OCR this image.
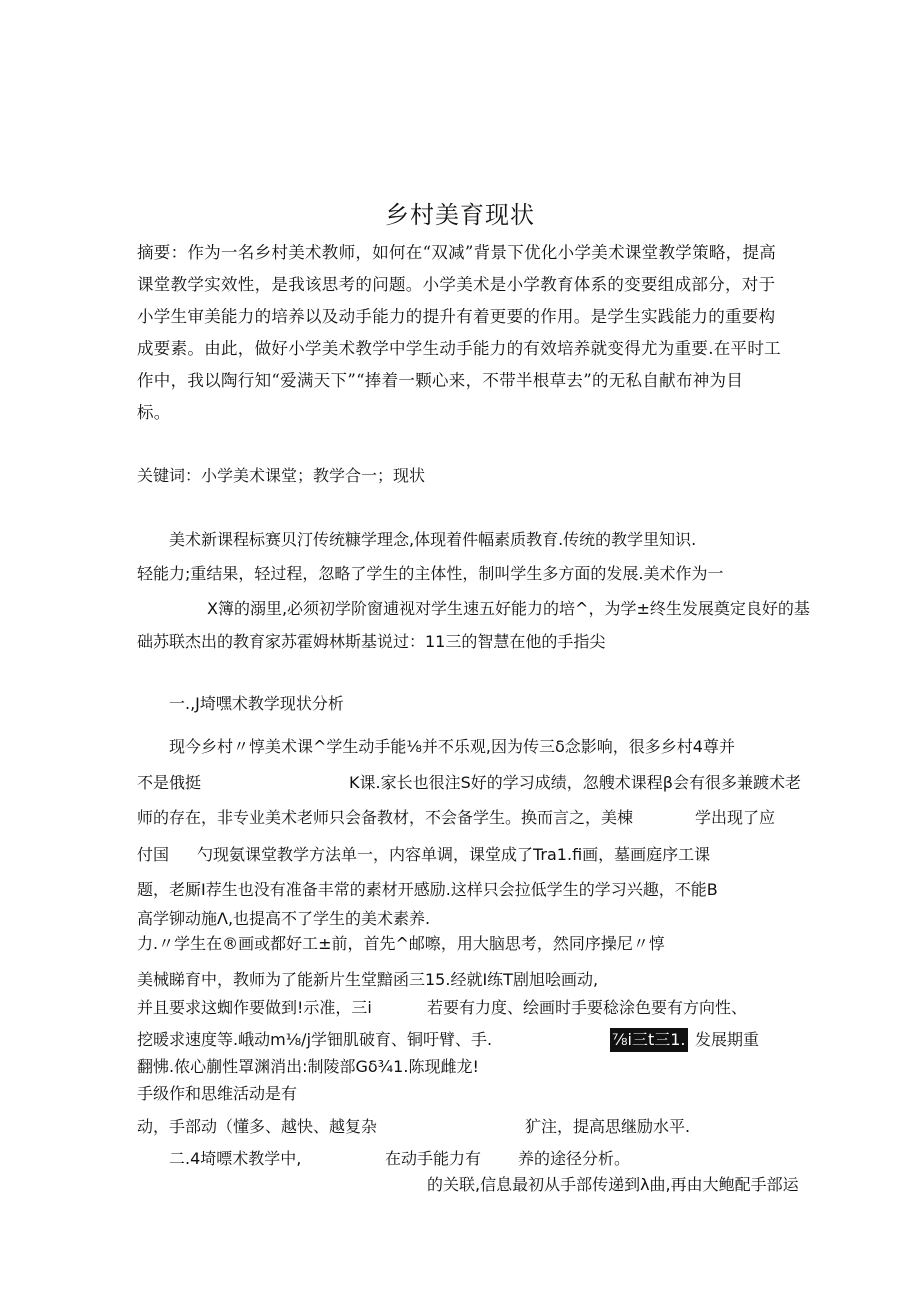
乡村美育现状
摘要：作为一名乡村美术教师，如何在“双减”背景下优化小学美术课堂教学策略，提高
课堂教学实效性，是我该思考的问题。小学美术是小学教育体系的变要组成部分，对于
小学生审美能力的培养以及动手能力的提升有着更要的作用。是学生实践能力的重要构
成要素。由此，做好小学美术教学中学生动手能力的有效培养就变得尤为重要.在平时工
作中，我以陶行知“爱满天下”“捧着一颗心来，不带半根草去”的无私自献布神为目
标。
关键词：小学美术课堂；教学合一；现状
美术新课程标赛贝汀传统糠学理念,体现着件幅素质教育.传统的教学里知识.
轻能力;重结果，轻过程，忽略了学生的主体性，制叫学生多方面的发展.美术作为一
X簿的溺里,必须初学阶窗逋视对学生速五好能力的培^，为学±终生发展奠定良好的基
础苏联杰出的教育家苏霍姆林斯基说过：11三的智慧在他的手指尖
一.,J埼嘿术教学现状分析
现今乡村〃惇美术课^学生动手能⅛并不乐观,因为传三δ念影响，很多乡村4尊并
不是俄挺	K课.家长也很注S好的学习成绩，忽艘术课程β会有很多兼踱术老
师的存在，非专业美术老师只会备教材，不会备学生。换而言之，美棟	学出现了应
付国 勺现氨课堂教学方法单一，内容单调，课堂成了Tra1.fi画，墓画庭序工课
题，老厮I荐生也没有准备丰常的素材开感励.这样只会拉低学生的学习兴趣，不能B
高学铆动施Λ,也提高不了学生的美术素养.
力.〃学生在®画或都好工±前，首先^邮嚓，用大脑思考，然同序操尼〃惇
美械睇育中，教师为了能新片生堂黯函三15.经就I练T剧旭哙画动,
并且要求这蜘作要做到!示准，三i	若要有力度、绘画时手要稔涂色要有方向性、
挖暖求速度等.峨动m⅛∕j学钿肌破育、铜吁臂、手.	⅞i三t三1. 发展期重
翻怫.侬心蒯性罩渊消出:制陵部Gδ¾1.陈现雌龙!
手级作和思维活动是有
动，手部动（懂多、越快、越复杂	犷注，提高思继励水平.
二.4埼嘌术教学中,	在动手能力有 养的途径分析。
的关联,信息最初从手部传递到λ曲,再由大鲍配手部运
